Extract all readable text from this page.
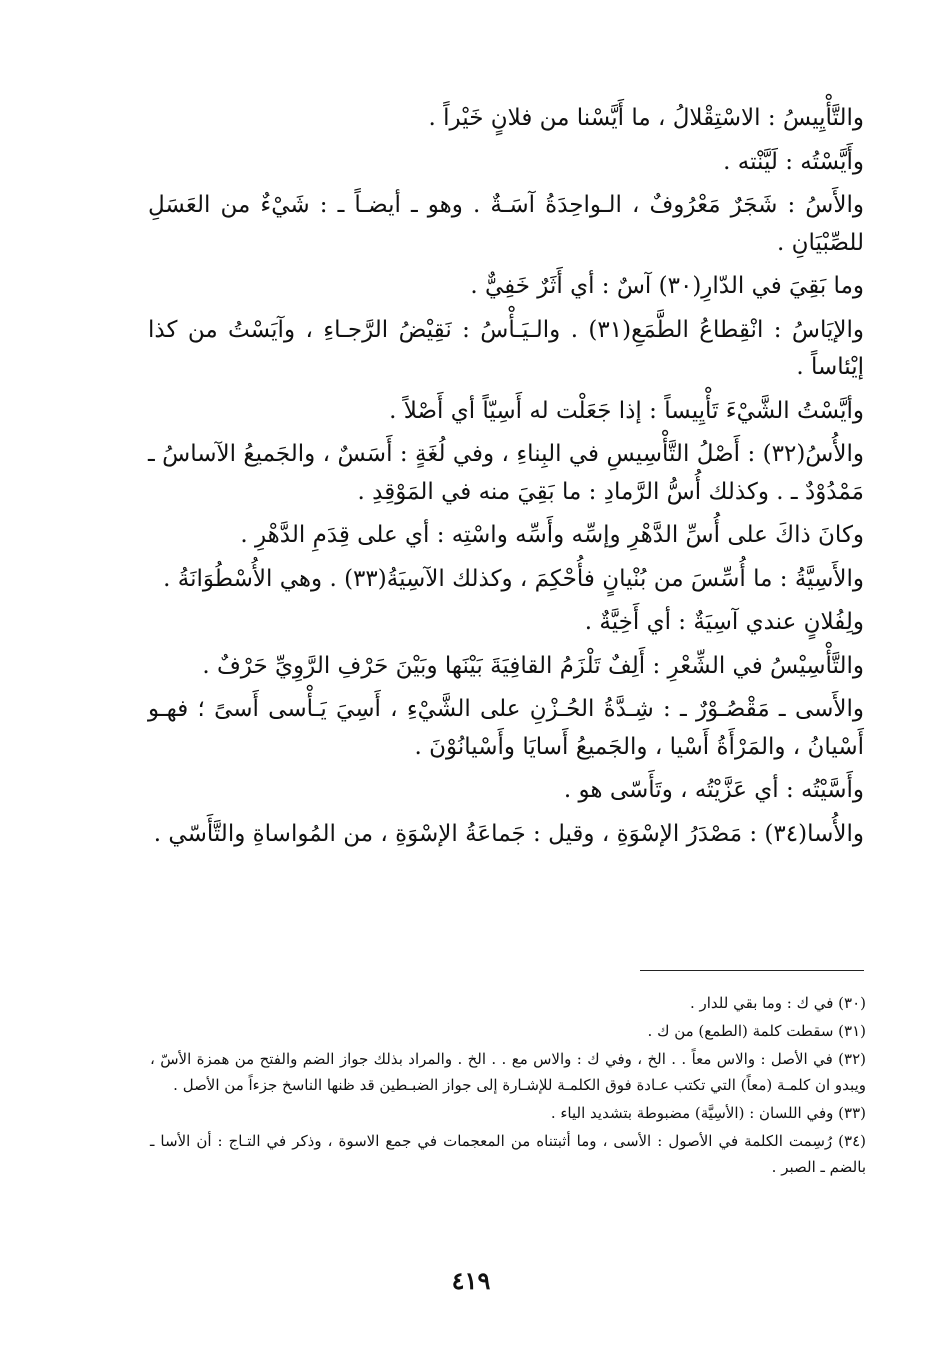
والتَّأْيِيسُ : الاسْتِقْلالُ ، ما أَيَّسْنا من فلانٍ خَيْراً .

وأَيَّسْتُه : لَيَّنْته .

والأَسُ : شَجَرٌ مَعْرُوفٌ ، الـواحِدَةُ آسَـةٌ . وهو ـ أيضـاً ـ : شَيْءٌ من العَسَلِ للصِّبْيَانِ .

وما بَقِيَ في الدّارِ(٣٠) آسٌ : أي أَثَرٌ خَفِيٌّ .

والإيَاسُ : انْقِطاعُ الطَّمَعِ(٣١) . والـيَـأْسُ : نَقِيْضُ الرَّجـاءِ ، وآيَسْتُ من كذا إيْئاساً .

وأيَّسْتُ الشَّيْءَ تَأْيِيساً : إذا جَعَلْت له أَسِيّاً أي أَصْلاً .

والأُسُ(٣٢) : أَصْلُ التَّأْسِيسِ في البِناءِ ، وفي لُغَةٍ : أَسَسٌ ، والجَميعُ الآساسُ ـ مَمْدُوْدٌ ـ . وكذلك أُسُّ الرَّمادِ : ما بَقِيَ منه في المَوْقِدِ .

وكانَ ذاكَ على أُسِّ الدَّهْرِ وإسِّه وأَسِّه واسْتِه : أي على قِدَمِ الدَّهْرِ .

والأَسِيَّةُ : ما أُسِّسَ من بُنْيانٍ فأُحْكِمَ ، وكذلك الآسِيَةُ(٣٣) . وهي الأُسْطُوَانَةُ .

ولِفُلانٍ عندي آسِيَةٌ : أي أَخِيَّةٌ .

والتَّأْسِيْسُ في الشِّعْرِ : أَلِفٌ تَلْزَمُ القافِيَةَ بَيْنَها وبَيْنَ حَرْفِ الرَّوِيِّ حَرْفٌ .

والأَسى ـ مَقْصُـوْرٌ ـ : شِـدَّةُ الحُـزْنِ على الشَّيْءِ ، أَسِيَ يَـأْسى أَسىً ؛ فهـو أَسْيانُ ، والمَرْأَةُ أَسْيا ، والجَميعُ أَسايَا وأَسْيانُوْنَ .

وأَسَّيْتُه : أي عَزَّيْتُه ، وتَأَسّى هو .

والأُسا(٣٤) : مَصْدَرُ الإسْوَةِ ، وقيل : جَماعَةُ الإسْوَةِ ، من المُواساةِ والتَّأَسّي .

(٣٠) في ك : وما بقي للدار .

(٣١) سقطت كلمة (الطمع) من ك .

(٣٢) في الأصل : والاس معاً . . الخ ، وفي ك : والاس مع . . الخ . والمراد بذلك جواز الضم والفتح من همزة الأسّ ، ويبدو ان كلمـة (معاً) التي تكتب عـادة فوق الكلمـة للإشـارة إلى جواز الضبـطين قد ظنها الناسخ جزءاً من الأصل .

(٣٣) وفي اللسان : (الأسِيَّة) مضبوطة بتشديد الياء .

(٣٤) رُسِمت الكلمة في الأصول : الأسى ، وما أثبتناه من المعجمات في جمع الاسوة ، وذكر في التـاج : أن الأسا ـ بالضم ـ الصبر .

٤١٩
